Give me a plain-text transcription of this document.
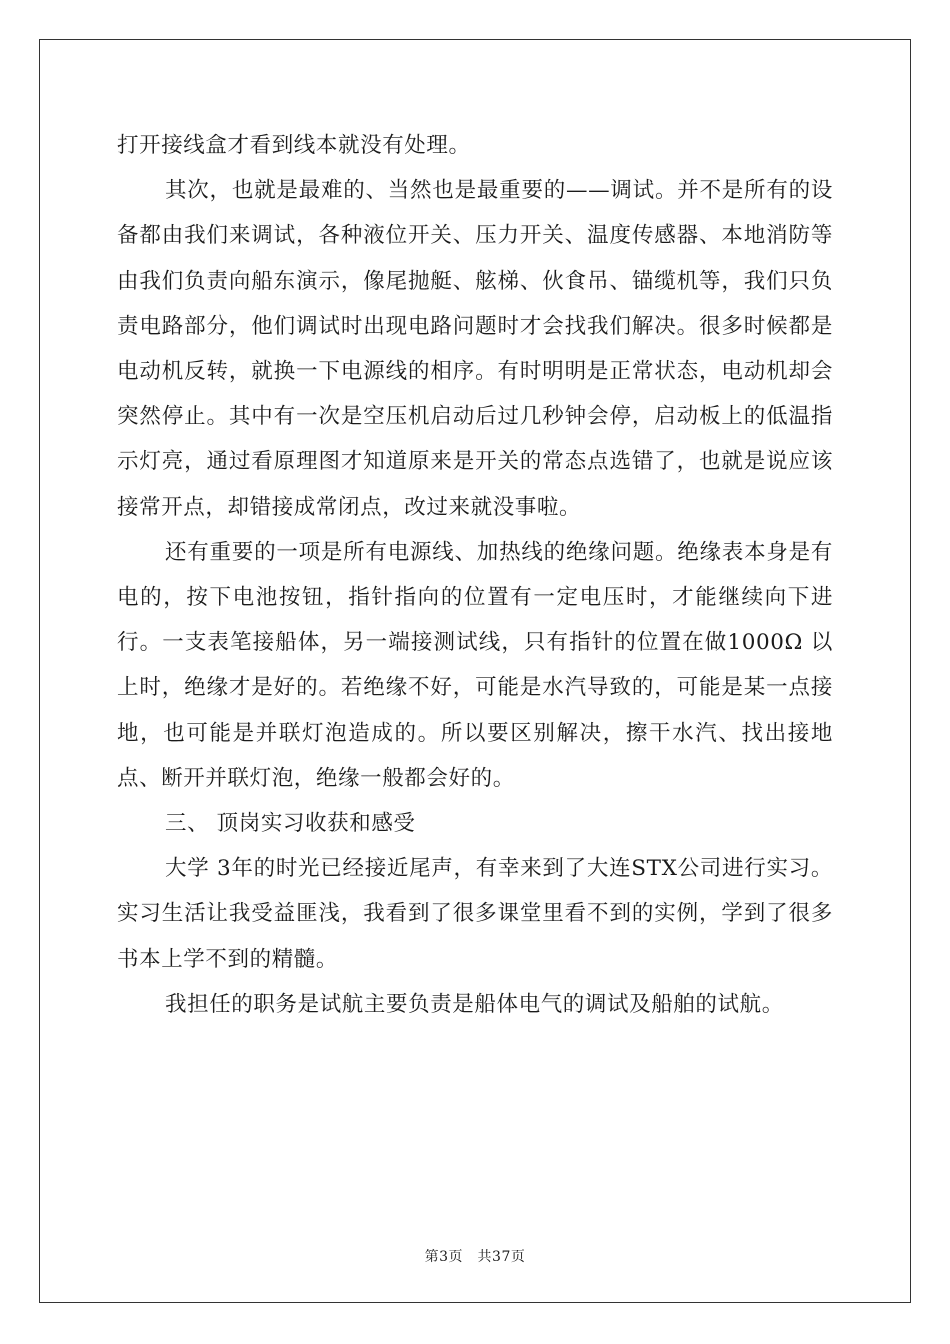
打开接线盒才看到线本就没有处理。

其次，也就是最难的、当然也是最重要的——调试。并不是所有的设备都由我们来调试，各种液位开关、压力开关、温度传感器、本地消防等由我们负责向船东演示，像尾抛艇、舷梯、伙食吊、锚缆机等，我们只负责电路部分，他们调试时出现电路问题时才会找我们解决。很多时候都是电动机反转，就换一下电源线的相序。有时明明是正常状态，电动机却会突然停止。其中有一次是空压机启动后过几秒钟会停，启动板上的低温指示灯亮，通过看原理图才知道原来是开关的常态点选错了，也就是说应该接常开点，却错接成常闭点，改过来就没事啦。

还有重要的一项是所有电源线、加热线的绝缘问题。绝缘表本身是有电的，按下电池按钮，指针指向的位置有一定电压时，才能继续向下进行。一支表笔接船体，另一端接测试线，只有指针的位置在做1000Ω 以上时，绝缘才是好的。若绝缘不好，可能是水汽导致的，可能是某一点接地，也可能是并联灯泡造成的。所以要区别解决，擦干水汽、找出接地点、断开并联灯泡，绝缘一般都会好的。

三、 顶岗实习收获和感受

大学 3年的时光已经接近尾声，有幸来到了大连STX公司进行实习。实习生活让我受益匪浅，我看到了很多课堂里看不到的实例，学到了很多书本上学不到的精髓。

我担任的职务是试航主要负责是船体电气的调试及船舶的试航。

第3页　共37页
